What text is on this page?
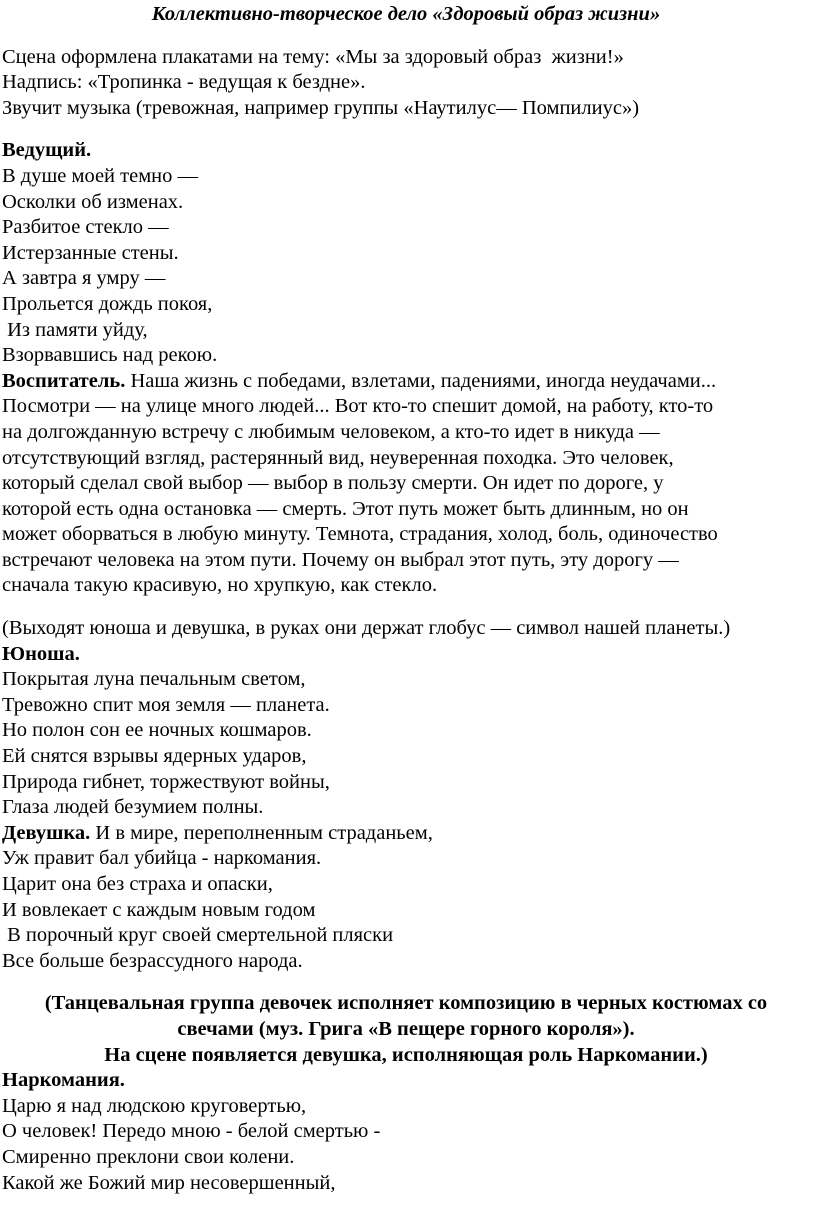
Коллективно-творческое дело «Здоровый образ жизни»
Сцена оформлена плакатами на тему: «Мы за здоровый образ  жизни!»
Надпись: «Тропинка - ведущая к бездне».
Звучит музыка (тревожная, например группы «Наутилус— Помпилиус»)
Ведущий.
В душе моей темно —
Осколки об изменах.
Разбитое стекло —
Истерзанные стены.
А завтра я умру —
Прольется дождь покоя,
Из памяти уйду,
Взорвавшись над рекою.
Воспитатель. Наша жизнь с победами, взлетами, падениями, иногда неудачами...
Посмотри — на улице много людей... Вот кто-то спешит домой, на работу, кто-то
на долгожданную встречу с любимым человеком, а кто-то идет в никуда —
отсутствующий взгляд, растерянный вид, неуверенная походка. Это человек,
который сделал свой выбор — выбор в пользу смерти. Он идет по дороге, у
которой есть одна остановка — смерть. Этот путь может быть длинным, но он
может оборваться в любую минуту. Темнота, страдания, холод, боль, одиночество
встречают человека на этом пути. Почему он выбрал этот путь, эту дорогу —
сначала такую красивую, но хрупкую, как стекло.
(Выходят юноша и девушка, в руках они держат глобус — символ нашей планеты.)
Юноша.
Покрытая луна печальным светом,
Тревожно спит моя земля — планета.
Но полон сон ее ночных кошмаров.
Ей снятся взрывы ядерных ударов,
Природа гибнет, торжествуют войны,
Глаза людей безумием полны.
Девушка. И в мире, переполненным страданьем,
Уж правит бал убийца - наркомания.
Царит она без страха и опаски,
И вовлекает с каждым новым годом
В порочный круг своей смертельной пляски
Все больше безрассудного народа.
(Танцевальная группа девочек исполняет композицию в черных костюмах со
свечами (муз. Грига «В пещере горного короля»).
На сцене появляется девушка, исполняющая роль Наркомании.)
Наркомания.
Царю я над людскою круговертью,
О человек! Передо мною - белой смертью -
Смиренно преклони свои колени.
Какой же Божий мир несовершенный,
